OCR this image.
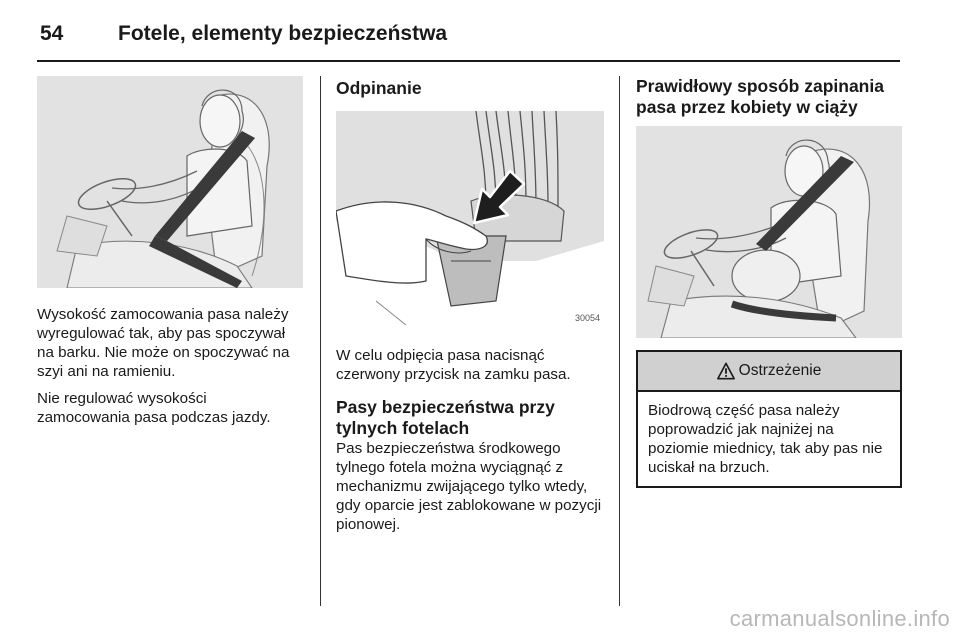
54	Fotele, elementy bezpieczeństwa

Wysokość zamocowania pasa należy wyregulować tak, aby pas spoczywał na barku. Nie może on spoczywać na szyi ani na ramieniu.

Nie regulować wysokości zamocowania pasa podczas jazdy.

Odpinanie
30054

W celu odpięcia pasa nacisnąć czerwony przycisk na zamku pasa.

Pasy bezpieczeństwa przy tylnych fotelach

Pas bezpieczeństwa środkowego tylnego fotela można wyciągnąć z mechanizmu zwijającego tylko wtedy, gdy oparcie jest zablokowane w pozycji pionowej.

Prawidłowy sposób zapinania pasa przez kobiety w ciąży
Ostrzeżenie
Biodrową część pasa należy poprowadzić jak najniżej na poziomie miednicy, tak aby pas nie uciskał na brzuch.
carmanualsonline.info
